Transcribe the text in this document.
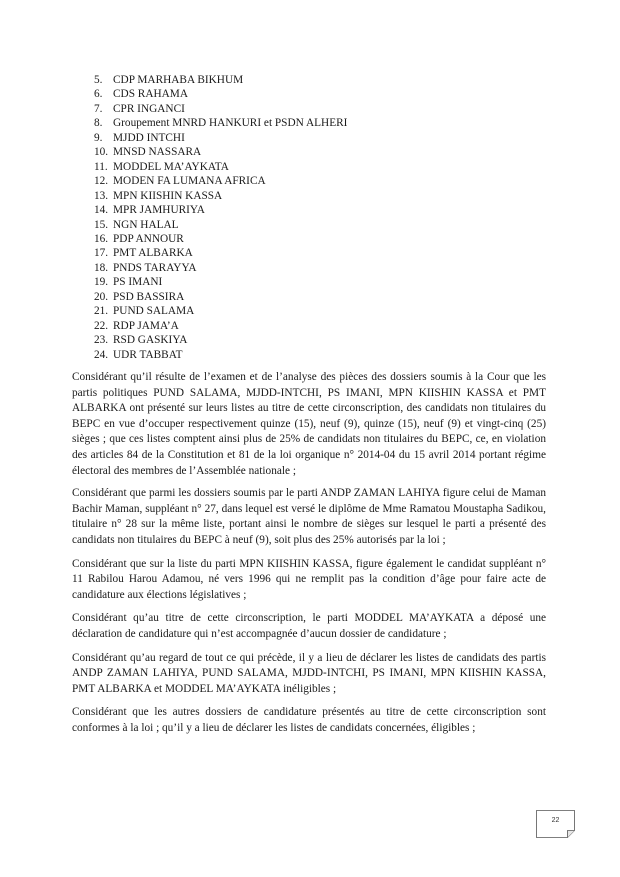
5. CDP MARHABA BIKHUM
6. CDS RAHAMA
7. CPR INGANCI
8. Groupement MNRD HANKURI et PSDN ALHERI
9. MJDD INTCHI
10. MNSD NASSARA
11. MODDEL MA’AYKATA
12. MODEN FA LUMANA AFRICA
13. MPN KIISHIN KASSA
14. MPR JAMHURIYA
15. NGN HALAL
16. PDP ANNOUR
17. PMT ALBARKA
18. PNDS TARAYYA
19. PS IMANI
20. PSD BASSIRA
21. PUND SALAMA
22. RDP JAMA’A
23. RSD GASKIYA
24. UDR TABBAT

Considérant qu’il résulte de l’examen et de l’analyse des pièces des dossiers soumis à la Cour que les partis politiques PUND SALAMA, MJDD-INTCHI, PS IMANI, MPN KIISHIN KASSA et PMT ALBARKA ont présenté sur leurs listes au titre de cette circonscription, des candidats non titulaires du BEPC en vue d’occuper respectivement quinze (15), neuf (9), quinze (15), neuf (9) et vingt-cinq (25) sièges ; que ces listes comptent ainsi plus de 25% de candidats non titulaires du BEPC, ce, en violation des articles 84 de la Constitution et 81 de la loi organique n° 2014-04 du 15 avril 2014 portant régime électoral des membres de l’Assemblée nationale ;

Considérant que parmi les dossiers soumis par le parti ANDP ZAMAN LAHIYA figure celui de Maman Bachir Maman, suppléant n° 27, dans lequel est versé le diplôme de Mme Ramatou Moustapha Sadikou, titulaire n° 28 sur la même liste, portant ainsi le nombre de sièges sur lesquel le parti a présenté des candidats non titulaires du BEPC à neuf (9), soit plus des 25% autorisés par la loi ;

Considérant que sur la liste du parti MPN KIISHIN KASSA, figure également le candidat suppléant n° 11 Rabilou Harou Adamou, né vers 1996 qui ne remplit pas la condition d’âge pour faire acte de candidature aux élections législatives ;

Considérant qu’au titre de cette circonscription, le parti MODDEL MA’AYKATA a déposé une déclaration de candidature qui n’est accompagnée d’aucun dossier de candidature ;

Considérant qu’au regard de tout ce qui précède, il y a lieu de déclarer les listes de candidats des partis ANDP ZAMAN LAHIYA, PUND SALAMA, MJDD-INTCHI, PS IMANI, MPN KIISHIN KASSA, PMT ALBARKA et MODDEL MA’AYKATA inéligibles ;

Considérant que les autres dossiers de candidature présentés au titre de cette circonscription sont conformes à la loi ; qu’il y a lieu de déclarer les listes de candidats concernées, éligibles ;

22
